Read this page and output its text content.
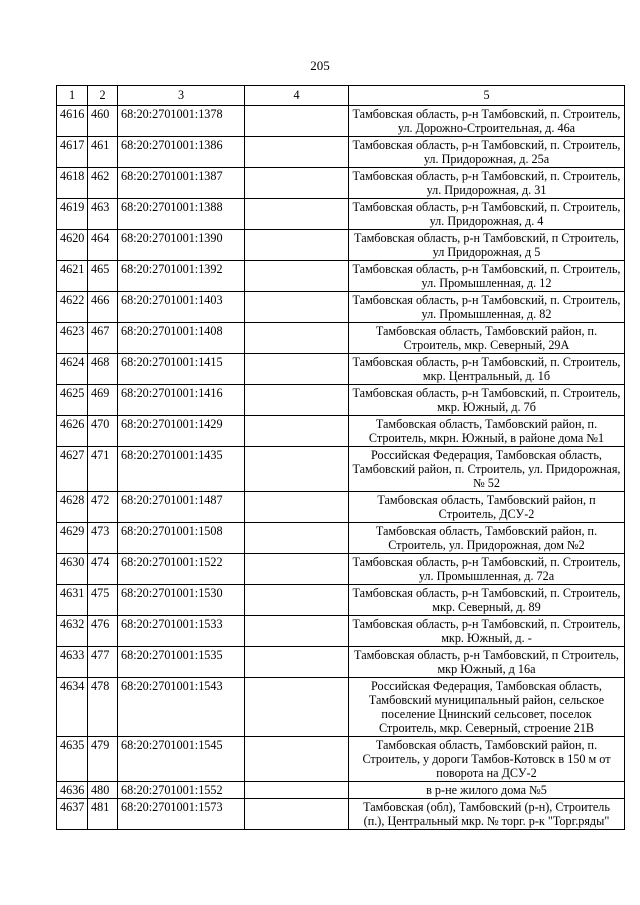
205
1	2	3	4	5
4616	460	68:20:2701001:1378		Тамбовская область, р-н Тамбовский, п. Строитель, ул. Дорожно-Строительная, д. 46а
4617	461	68:20:2701001:1386		Тамбовская область, р-н Тамбовский, п. Строитель, ул. Придорожная, д. 25а
4618	462	68:20:2701001:1387		Тамбовская область, р-н Тамбовский, п. Строитель, ул. Придорожная, д. 31
4619	463	68:20:2701001:1388		Тамбовская область, р-н Тамбовский, п. Строитель, ул. Придорожная, д. 4
4620	464	68:20:2701001:1390		Тамбовская область, р-н Тамбовский, п Строитель, ул Придорожная, д 5
4621	465	68:20:2701001:1392		Тамбовская область, р-н Тамбовский, п. Строитель, ул. Промышленная, д. 12
4622	466	68:20:2701001:1403		Тамбовская область, р-н Тамбовский, п. Строитель, ул. Промышленная, д. 82
4623	467	68:20:2701001:1408		Тамбовская область, Тамбовский район, п. Строитель, мкр. Северный, 29А
4624	468	68:20:2701001:1415		Тамбовская область, р-н Тамбовский, п. Строитель, мкр. Центральный, д. 1б
4625	469	68:20:2701001:1416		Тамбовская область, р-н Тамбовский, п. Строитель, мкр. Южный, д. 7б
4626	470	68:20:2701001:1429		Тамбовская область, Тамбовский район, п. Строитель, мкрн. Южный, в районе дома №1
4627	471	68:20:2701001:1435		Российская Федерация, Тамбовская область, Тамбовский район, п. Строитель, ул. Придорожная, № 52
4628	472	68:20:2701001:1487		Тамбовская область, Тамбовский район, п Строитель, ДСУ-2
4629	473	68:20:2701001:1508		Тамбовская область, Тамбовский район, п. Строитель, ул. Придорожная, дом №2
4630	474	68:20:2701001:1522		Тамбовская область, р-н Тамбовский, п. Строитель, ул. Промышленная, д. 72а
4631	475	68:20:2701001:1530		Тамбовская область, р-н Тамбовский, п. Строитель, мкр. Северный, д. 89
4632	476	68:20:2701001:1533		Тамбовская область, р-н Тамбовский, п. Строитель, мкр. Южный, д. -
4633	477	68:20:2701001:1535		Тамбовская область, р-н Тамбовский, п Строитель, мкр Южный, д 16а
4634	478	68:20:2701001:1543		Российская Федерация, Тамбовская область, Тамбовский муниципальный район, сельское поселение Цнинский сельсовет, поселок Строитель, мкр. Северный, строение 21В
4635	479	68:20:2701001:1545		Тамбовская область, Тамбовский район, п. Строитель, у дороги Тамбов-Котовск в 150 м от поворота на ДСУ-2
4636	480	68:20:2701001:1552		в р-не жилого дома №5
4637	481	68:20:2701001:1573		Тамбовская (обл), Тамбовский (р-н), Строитель (п.), Центральный мкр. № торг. р-к "Торг.ряды"
